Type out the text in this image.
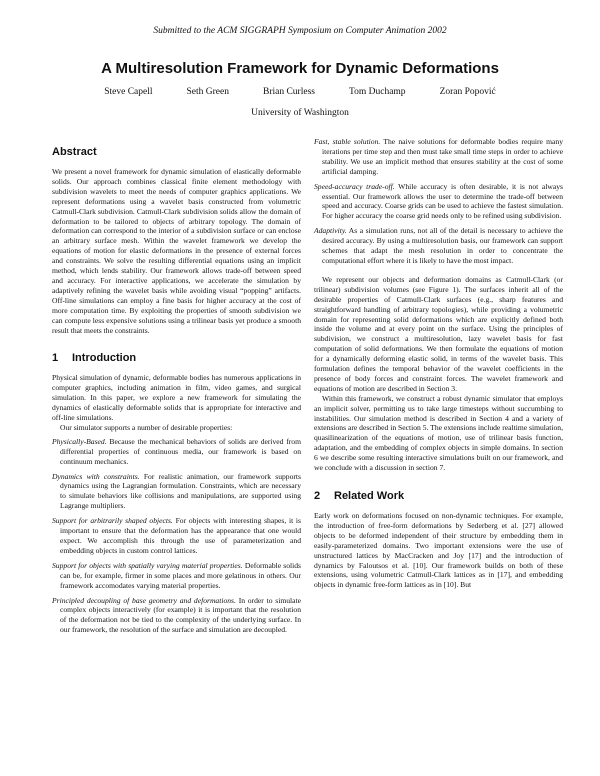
Submitted to the ACM SIGGRAPH Symposium on Computer Animation 2002
A Multiresolution Framework for Dynamic Deformations
Steve Capell	Seth Green	Brian Curless	Tom Duchamp	Zoran Popović
University of Washington
Abstract

We present a novel framework for dynamic simulation of elastically deformable solids. Our approach combines classical finite element methodology with subdivision wavelets to meet the needs of computer graphics applications. We represent deformations using a wavelet basis constructed from volumetric Catmull-Clark subdivision. Catmull-Clark subdivision solids allow the domain of deformation to be tailored to objects of arbitrary topology. The domain of deformation can correspond to the interior of a subdivision surface or can enclose an arbitrary surface mesh. Within the wavelet framework we develop the equations of motion for elastic deformations in the presence of external forces and constraints. We solve the resulting differential equations using an implicit method, which lends stability. Our framework allows trade-off between speed and accuracy. For interactive applications, we accelerate the simulation by adaptively refining the wavelet basis while avoiding visual “popping” artifacts. Off-line simulations can employ a fine basis for higher accuracy at the cost of more computation time. By exploiting the properties of smooth subdivision we can compute less expensive solutions using a trilinear basis yet produce a smooth result that meets the constraints.

1 Introduction

Physical simulation of dynamic, deformable bodies has numerous applications in computer graphics, including animation in film, video games, and surgical simulation. In this paper, we explore a new framework for simulating the dynamics of elastically deformable solids that is appropriate for interactive and off-line simulations.

Our simulator supports a number of desirable properties:

Physically-Based. Because the mechanical behaviors of solids are derived from differential properties of continuous media, our framework is based on continuum mechanics.

Dynamics with constraints. For realistic animation, our framework supports dynamics using the Lagrangian formulation. Constraints, which are necessary to simulate behaviors like collisions and manipulations, are supported using Lagrange multipliers.

Support for arbitrarily shaped objects. For objects with interesting shapes, it is important to ensure that the deformation has the appearance that one would expect. We accomplish this through the use of parameterization and embedding objects in custom control lattices.

Support for objects with spatially varying material properties. Deformable solids can be, for example, firmer in some places and more gelatinous in others. Our framework accomodates varying material properties.

Principled decoupling of base geometry and deformations. In order to simulate complex objects interactively (for example) it is important that the resolution of the deformation not be tied to the complexity of the underlying surface. In our framework, the resolution of the surface and simulation are decoupled.

Fast, stable solution. The naive solutions for deformable bodies require many iterations per time step and then must take small time steps in order to achieve stability. We use an implicit method that ensures stability at the cost of some artificial damping.

Speed-accuracy trade-off. While accuracy is often desirable, it is not always essential. Our framework allows the user to determine the trade-off between speed and accuracy. Coarse grids can be used to achieve the fastest simulation. For higher accuracy the coarse grid needs only to be refined using subdivision.

Adaptivity. As a simulation runs, not all of the detail is necessary to achieve the desired accuracy. By using a multiresolution basis, our framework can support schemes that adapt the mesh resolution in order to concentrate the computational effort where it is likely to have the most impact.

We represent our objects and deformation domains as Catmull-Clark (or trilinear) subdivision volumes (see Figure 1). The surfaces inherit all of the desirable properties of Catmull-Clark surfaces (e.g., sharp features and straightforward handling of arbitrary topologies), while providing a volumetric domain for representing solid deformations which are explicitly defined both inside the volume and at every point on the surface. Using the principles of subdivision, we construct a multiresolution, lazy wavelet basis for fast computation of solid deformations. We then formulate the equations of motion for a dynamically deforming elastic solid, in terms of the wavelet basis. This formulation defines the temporal behavior of the wavelet coefficients in the presence of body forces and constraint forces. The wavelet framework and equations of motion are described in Section 3.

Within this framework, we construct a robust dynamic simulator that employs an implicit solver, permitting us to take large timesteps without succumbing to instabilities. Our simulation method is described in Section 4 and a variety of extensions are described in Section 5. The extensions include realtime simulation, quasilinearization of the equations of motion, use of trilinear basis function, adaptation, and the embedding of complex objects in simple domains. In section 6 we describe some resulting interactive simulations built on our framework, and we conclude with a discussion in section 7.

2 Related Work

Early work on deformations focused on non-dynamic techniques. For example, the introduction of free-form deformations by Sederberg et al. [27] allowed objects to be deformed independent of their structure by embedding them in easily-parameterized domains. Two important extensions were the use of unstructured lattices by MacCracken and Joy [17] and the introduction of dynamics by Faloutsos et al. [10]. Our framework builds on both of these extensions, using volumetric Catmull-Clark lattices as in [17], and embedding objects in dynamic free-form lattices as in [10]. But
